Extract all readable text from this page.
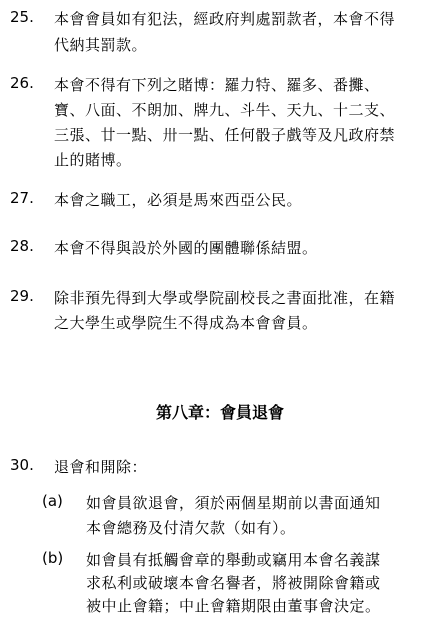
25. 本會會員如有犯法，經政府判處罰款者，本會不得
代納其罰款。
26. 本會不得有下列之賭博：羅力特、羅多、番攤、
寶、八面、不朗加、牌九、斗牛、天九、十二支、
三張、廿一點、卅一點、任何骰子戲等及凡政府禁
止的賭博。
27. 本會之職工，必須是馬來西亞公民。
28. 本會不得與設於外國的團體聯係結盟。
29. 除非預先得到大學或學院副校長之書面批准，在籍
之大學生或學院生不得成為本會會員。
第八章：會員退會
30. 退會和開除：
(a) 如會員欲退會，須於兩個星期前以書面通知
本會總務及付清欠款（如有）。
(b) 如會員有抵觸會章的舉動或竊用本會名義謀
求私利或破壞本會名譽者，將被開除會籍或
被中止會籍；中止會籍期限由董事會決定。
